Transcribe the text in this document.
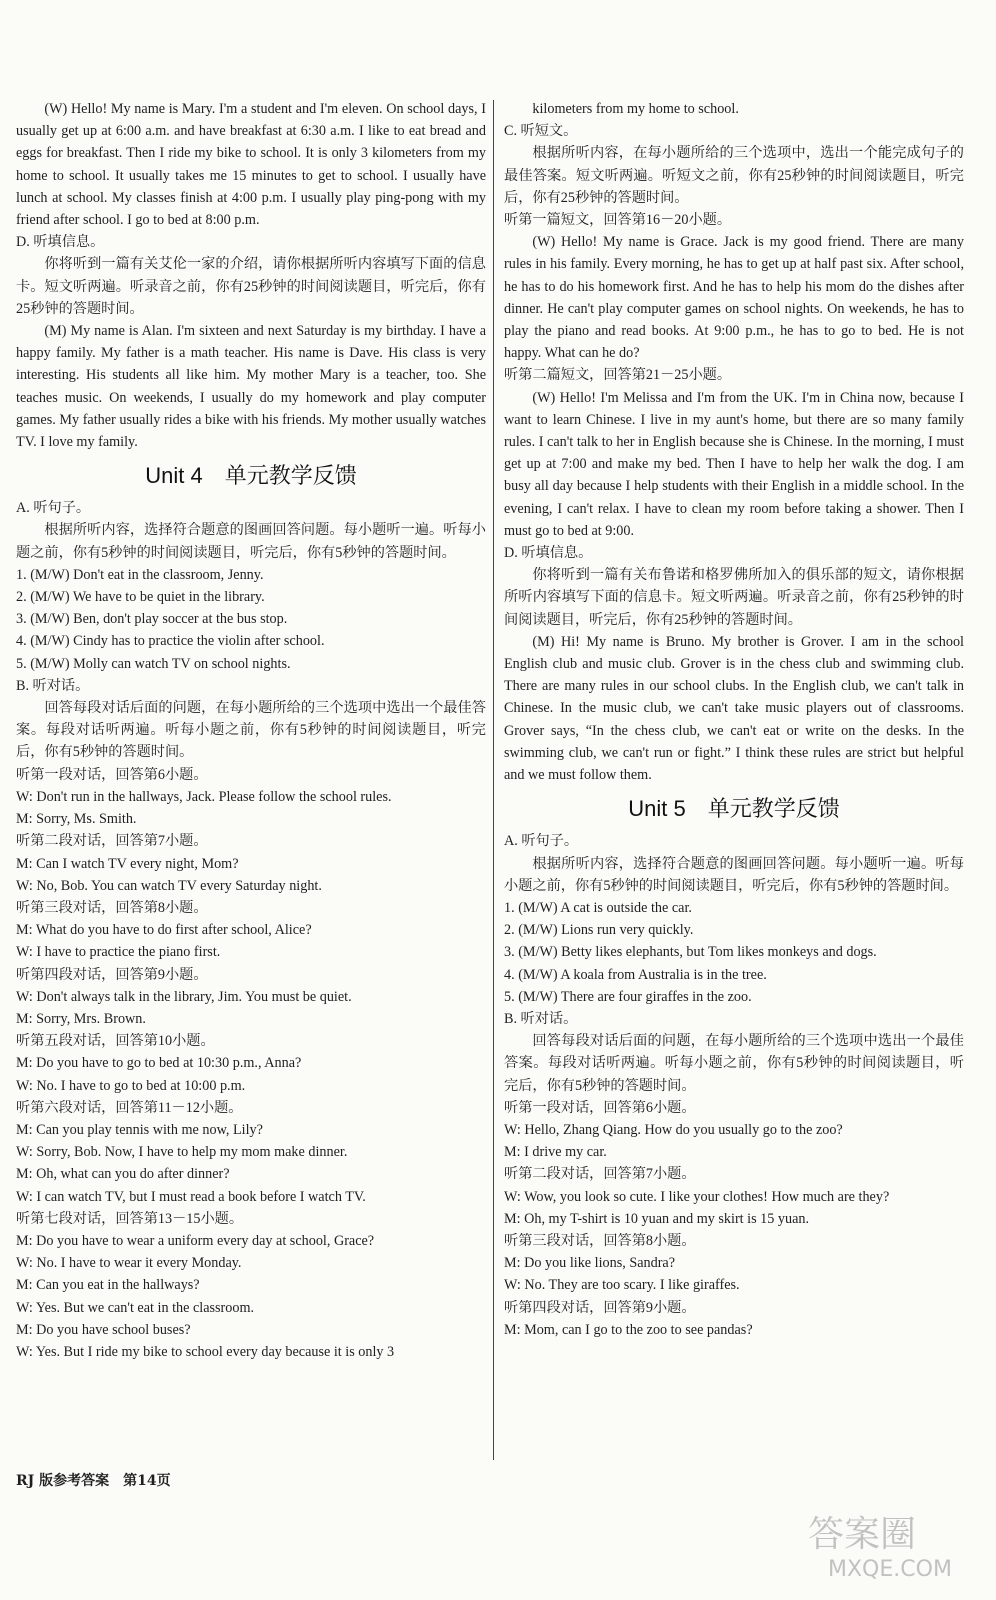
(W) Hello! My name is Mary. I'm a student and I'm eleven. On school days, I usually get up at 6:00 a.m. and have breakfast at 6:30 a.m. I like to eat bread and eggs for breakfast. Then I ride my bike to school. It is only 3 kilometers from my home to school. It usually takes me 15 minutes to get to school. I usually have lunch at school. My classes finish at 4:00 p.m. I usually play ping-pong with my friend after school. I go to bed at 8:00 p.m.

D. 听填信息。

你将听到一篇有关艾伦一家的介绍，请你根据所听内容填写下面的信息卡。短文听两遍。听录音之前，你有25秒钟的时间阅读题目，听完后，你有25秒钟的答题时间。

(M) My name is Alan. I'm sixteen and next Saturday is my birthday. I have a happy family. My father is a math teacher. His name is Dave. His class is very interesting. His students all like him. My mother Mary is a teacher, too. She teaches music. On weekends, I usually do my homework and play computer games. My father usually rides a bike with his friends. My mother usually watches TV. I love my family.

Unit 4　单元教学反馈

A. 听句子。

根据所听内容，选择符合题意的图画回答问题。每小题听一遍。听每小题之前，你有5秒钟的时间阅读题目，听完后，你有5秒钟的答题时间。

1. (M/W) Don't eat in the classroom, Jenny.

2. (M/W) We have to be quiet in the library.

3. (M/W) Ben, don't play soccer at the bus stop.

4. (M/W) Cindy has to practice the violin after school.

5. (M/W) Molly can watch TV on school nights.

B. 听对话。

回答每段对话后面的问题，在每小题所给的三个选项中选出一个最佳答案。每段对话听两遍。听每小题之前，你有5秒钟的时间阅读题目，听完后，你有5秒钟的答题时间。

听第一段对话，回答第6小题。

W: Don't run in the hallways, Jack. Please follow the school rules.

M: Sorry, Ms. Smith.

听第二段对话，回答第7小题。

M: Can I watch TV every night, Mom?

W: No, Bob. You can watch TV every Saturday night.

听第三段对话，回答第8小题。

M: What do you have to do first after school, Alice?

W: I have to practice the piano first.

听第四段对话，回答第9小题。

W: Don't always talk in the library, Jim. You must be quiet.

M: Sorry, Mrs. Brown.

听第五段对话，回答第10小题。

M: Do you have to go to bed at 10:30 p.m., Anna?

W: No. I have to go to bed at 10:00 p.m.

听第六段对话，回答第11－12小题。

M: Can you play tennis with me now, Lily?

W: Sorry, Bob. Now, I have to help my mom make dinner.

M: Oh, what can you do after dinner?

W: I can watch TV, but I must read a book before I watch TV.

听第七段对话，回答第13－15小题。

M: Do you have to wear a uniform every day at school, Grace?

W: No. I have to wear it every Monday.

M: Can you eat in the hallways?

W: Yes. But we can't eat in the classroom.

M: Do you have school buses?

W: Yes. But I ride my bike to school every day because it is only 3

kilometers from my home to school.

C. 听短文。

根据所听内容，在每小题所给的三个选项中，选出一个能完成句子的最佳答案。短文听两遍。听短文之前，你有25秒钟的时间阅读题目，听完后，你有25秒钟的答题时间。

听第一篇短文，回答第16－20小题。

(W) Hello! My name is Grace. Jack is my good friend. There are many rules in his family. Every morning, he has to get up at half past six. After school, he has to do his homework first. And he has to help his mom do the dishes after dinner. He can't play computer games on school nights. On weekends, he has to play the piano and read books. At 9:00 p.m., he has to go to bed. He is not happy. What can he do?

听第二篇短文，回答第21－25小题。

(W) Hello! I'm Melissa and I'm from the UK. I'm in China now, because I want to learn Chinese. I live in my aunt's home, but there are so many family rules. I can't talk to her in English because she is Chinese. In the morning, I must get up at 7:00 and make my bed. Then I have to help her walk the dog. I am busy all day because I help students with their English in a middle school. In the evening, I can't relax. I have to clean my room before taking a shower. Then I must go to bed at 9:00.

D. 听填信息。

你将听到一篇有关布鲁诺和格罗佛所加入的俱乐部的短文，请你根据所听内容填写下面的信息卡。短文听两遍。听录音之前，你有25秒钟的时间阅读题目，听完后，你有25秒钟的答题时间。

(M) Hi! My name is Bruno. My brother is Grover. I am in the school English club and music club. Grover is in the chess club and swimming club. There are many rules in our school clubs. In the English club, we can't talk in Chinese. In the music club, we can't take music players out of classrooms. Grover says, “In the chess club, we can't eat or write on the desks. In the swimming club, we can't run or fight.” I think these rules are strict but helpful and we must follow them.

Unit 5　单元教学反馈

A. 听句子。

根据所听内容，选择符合题意的图画回答问题。每小题听一遍。听每小题之前，你有5秒钟的时间阅读题目，听完后，你有5秒钟的答题时间。

1. (M/W) A cat is outside the car.

2. (M/W) Lions run very quickly.

3. (M/W) Betty likes elephants, but Tom likes monkeys and dogs.

4. (M/W) A koala from Australia is in the tree.

5. (M/W) There are four giraffes in the zoo.

B. 听对话。

回答每段对话后面的问题，在每小题所给的三个选项中选出一个最佳答案。每段对话听两遍。听每小题之前，你有5秒钟的时间阅读题目，听完后，你有5秒钟的答题时间。

听第一段对话，回答第6小题。

W: Hello, Zhang Qiang. How do you usually go to the zoo?

M: I drive my car.

听第二段对话，回答第7小题。

W: Wow, you look so cute. I like your clothes! How much are they?

M: Oh, my T-shirt is 10 yuan and my skirt is 15 yuan.

听第三段对话，回答第8小题。

M: Do you like lions, Sandra?

W: No. They are too scary. I like giraffes.

听第四段对话，回答第9小题。

M: Mom, can I go to the zoo to see pandas?

RJ 版参考答案　第14页
答案圈
MXQE.COM
